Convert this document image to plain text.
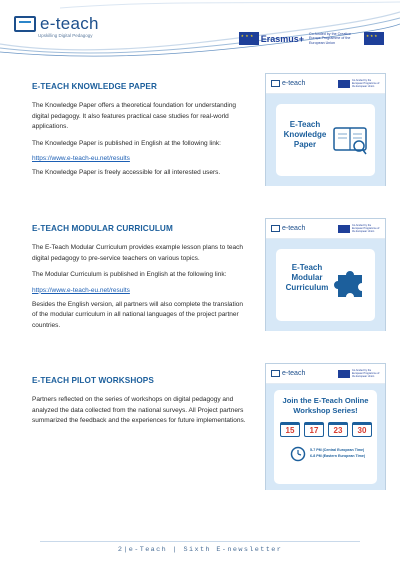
e-teach
Upskilling Digital Pedagogy
★ ★ ★	Erasmus+ Co-funded by the Creative Europe Programme of the European Union
★ ★ ★
E-TEACH KNOWLEDGE PAPER

The Knowledge Paper offers a theoretical foundation for understanding digital pedagogy. It also features practical case studies for real-world applications.

The Knowledge Paper is published in English at the following link:

https://www.e-teach-eu.net/results

The Knowledge Paper is freely accessible for all interested users.

e-teach	Co-funded by the European Programme of the European Union
E-Teach Knowledge Paper
E-TEACH MODULAR CURRICULUM

The E-Teach Modular Curriculum provides example lesson plans to teach digital pedagogy to pre-service teachers on various topics.

The Modular Curriculum is published in English at the following link:

https://www.e-teach-eu.net/results

Besides the English version, all partners will also complete the translation of the modular curriculum in all national languages of the project partner countries.

e-teach	Co-funded by the European Programme of the European Union
E-Teach Modular Curriculum
E-TEACH PILOT WORKSHOPS

Partners reflected on the series of workshops on digital pedagogy and analyzed the data collected from the national surveys. All Project partners summarized the feedback and the experiences for future implementations.

e-teach	Co-funded by the European Programme of the European Union
Join the E-Teach Online Workshop Series!
15	17	23	30
5-7 PM (Central European Time)
6-8 PM (Eastern European Time)
2|e-Teach | Sixth E-newsletter
